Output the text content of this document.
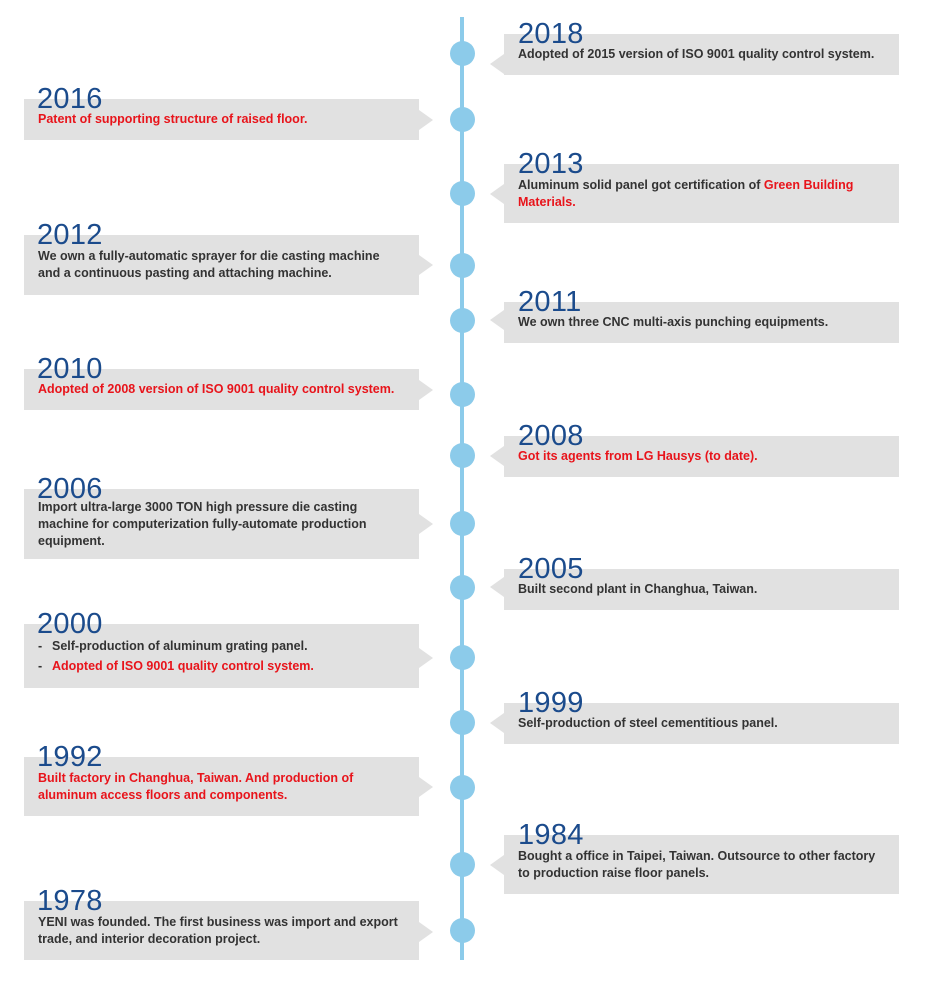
2018
Adopted of 2015 version of ISO 9001 quality control system.
2016
Patent of supporting structure of raised floor.
2013
Aluminum solid panel got certification of Green Building
Materials.
2012
We own a fully-automatic sprayer for die casting machine
and a continuous pasting and attaching machine.
2011
We own three CNC multi-axis punching equipments.
2010
Adopted of 2008 version of ISO 9001 quality control system.
2008
Got its agents from LG Hausys (to date).
2006
Import ultra-large 3000 TON high pressure die casting
machine for computerization fully-automate production
equipment.
2005
Built second plant in Changhua, Taiwan.
2000
- Self-production of aluminum grating panel.
- Adopted of ISO 9001 quality control system.
1999
Self-production of steel cementitious panel.
1992
Built factory in Changhua, Taiwan. And production of
aluminum access floors and components.
1984
Bought a office in Taipei, Taiwan. Outsource to other factory
to production raise floor panels.
1978
YENI was founded. The first business was import and export
trade, and interior decoration project.
